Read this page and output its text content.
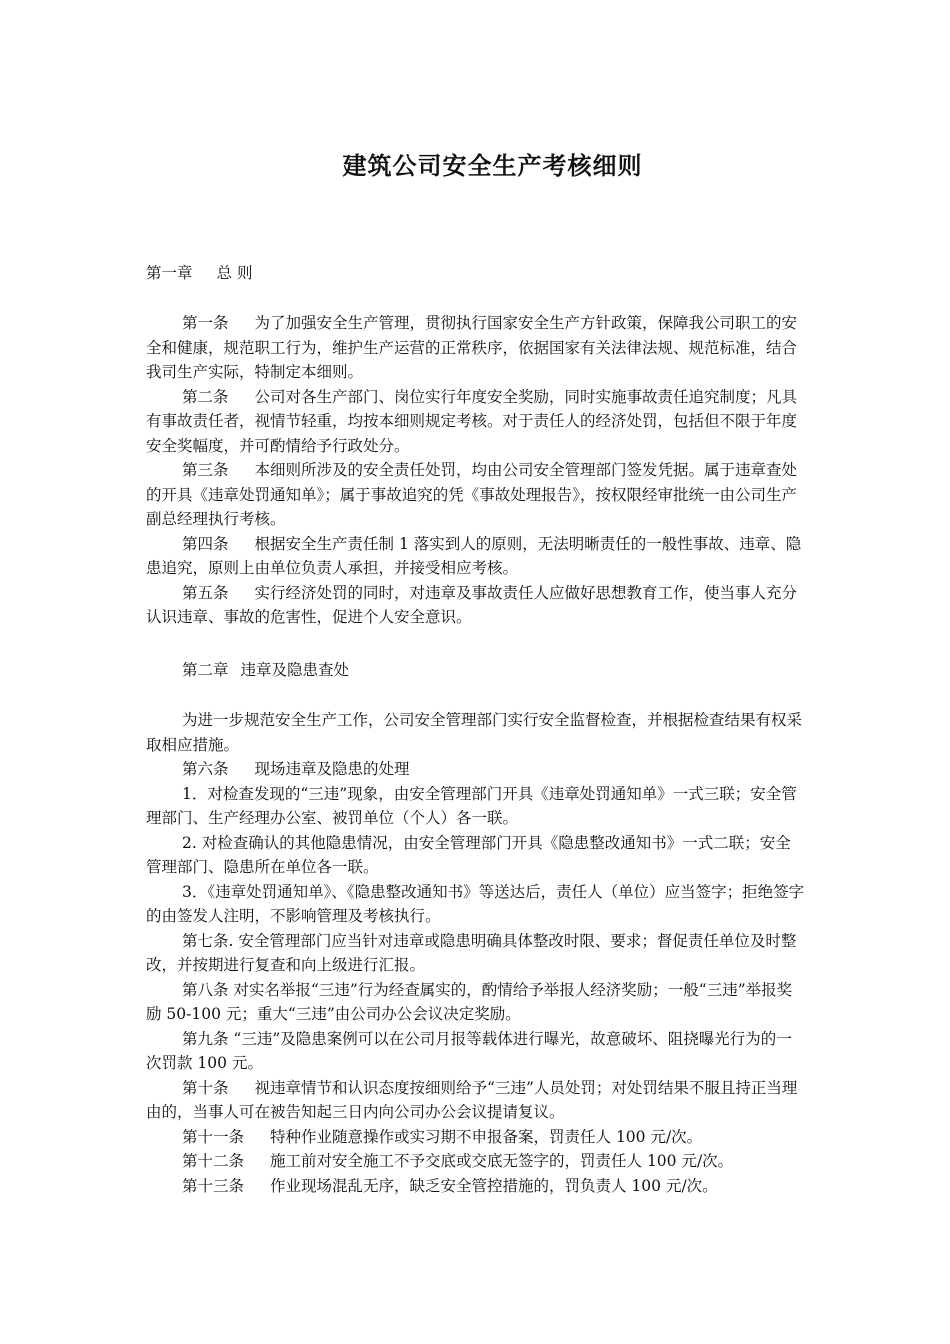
建筑公司安全生产考核细则
第一章 总 则

第一条 为了加强安全生产管理，贯彻执行国家安全生产方针政策，保障我公司职工的安全和健康，规范职工行为，维护生产运营的正常秩序，依据国家有关法律法规、规范标准，结合我司生产实际，特制定本细则。

第二条 公司对各生产部门、岗位实行年度安全奖励，同时实施事故责任追究制度；凡具有事故责任者，视情节轻重，均按本细则规定考核。对于责任人的经济处罚，包括但不限于年度安全奖幅度，并可酌情给予行政处分。

第三条 本细则所涉及的安全责任处罚，均由公司安全管理部门签发凭据。属于违章查处的开具《违章处罚通知单》；属于事故追究的凭《事故处理报告》，按权限经审批统一由公司生产副总经理执行考核。

第四条 根据安全生产责任制 1 落实到人的原则，无法明晰责任的一般性事故、违章、隐患追究，原则上由单位负责人承担，并接受相应考核。

第五条 实行经济处罚的同时，对违章及事故责任人应做好思想教育工作，使当事人充分认识违章、事故的危害性，促进个人安全意识。

第二章 违章及隐患查处

为进一步规范安全生产工作，公司安全管理部门实行安全监督检查，并根据检查结果有权采取相应措施。

第六条 现场违章及隐患的处理

1．对检查发现的“三违”现象，由安全管理部门开具《违章处罚通知单》一式三联；安全管理部门、生产经理办公室、被罚单位（个人）各一联。

2. 对检查确认的其他隐患情况，由安全管理部门开具《隐患整改通知书》一式二联；安全管理部门、隐患所在单位各一联。

3．《违章处罚通知单》、《隐患整改通知书》等送达后，责任人（单位）应当签字；拒绝签字的由签发人注明，不影响管理及考核执行。

第七条. 安全管理部门应当针对违章或隐患明确具体整改时限、要求；督促责任单位及时整改，并按期进行复查和向上级进行汇报。

第八条 对实名举报“三违”行为经查属实的，酌情给予举报人经济奖励；一般“三违”举报奖励 50-100 元；重大“三违”由公司办公会议决定奖励。

第九条 “三违”及隐患案例可以在公司月报等载体进行曝光，故意破坏、阻挠曝光行为的一次罚款 100 元。

第十条 视违章情节和认识态度按细则给予“三违”人员处罚；对处罚结果不服且持正当理由的，当事人可在被告知起三日内向公司办公会议提请复议。

第十一条 特种作业随意操作或实习期不申报备案，罚责任人 100 元/次。

第十二条 施工前对安全施工不予交底或交底无签字的，罚责任人 100 元/次。

第十三条 作业现场混乱无序，缺乏安全管控措施的，罚负责人 100 元/次。
